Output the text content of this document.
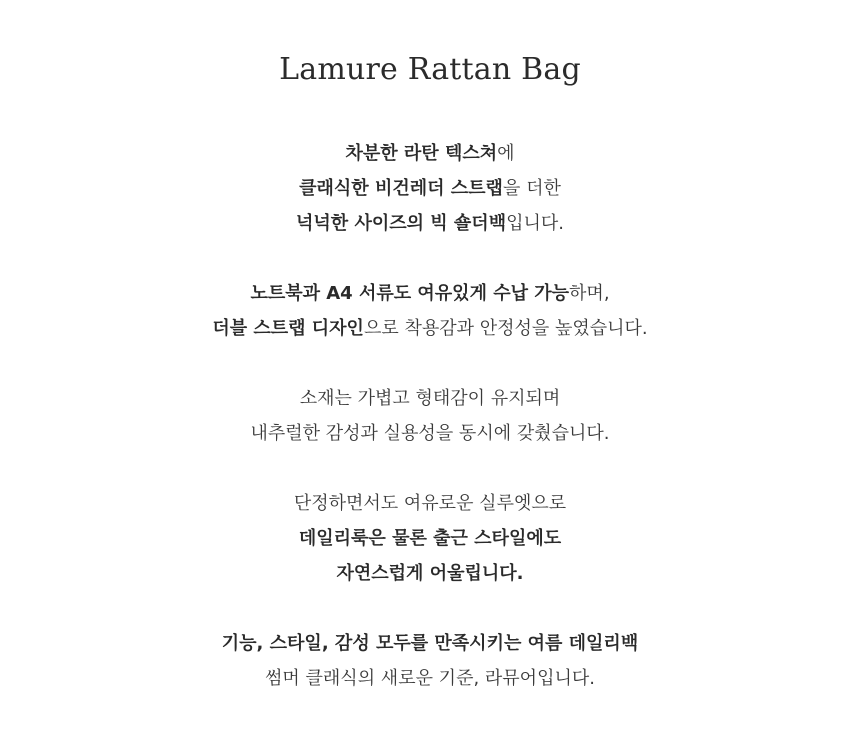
Lamure Rattan Bag
차분한 라탄 텍스쳐에
클래식한 비건레더 스트랩을 더한
넉넉한 사이즈의 빅 숄더백입니다.
노트북과 A4 서류도 여유있게 수납 가능하며,
더블 스트랩 디자인으로 착용감과 안정성을 높였습니다.
소재는 가볍고 형태감이 유지되며
내추럴한 감성과 실용성을 동시에 갖췄습니다.
단정하면서도 여유로운 실루엣으로
데일리룩은 물론 출근 스타일에도
자연스럽게 어울립니다.
기능, 스타일, 감성 모두를 만족시키는 여름 데일리백
썸머 클래식의 새로운 기준, 라뮤어입니다.
